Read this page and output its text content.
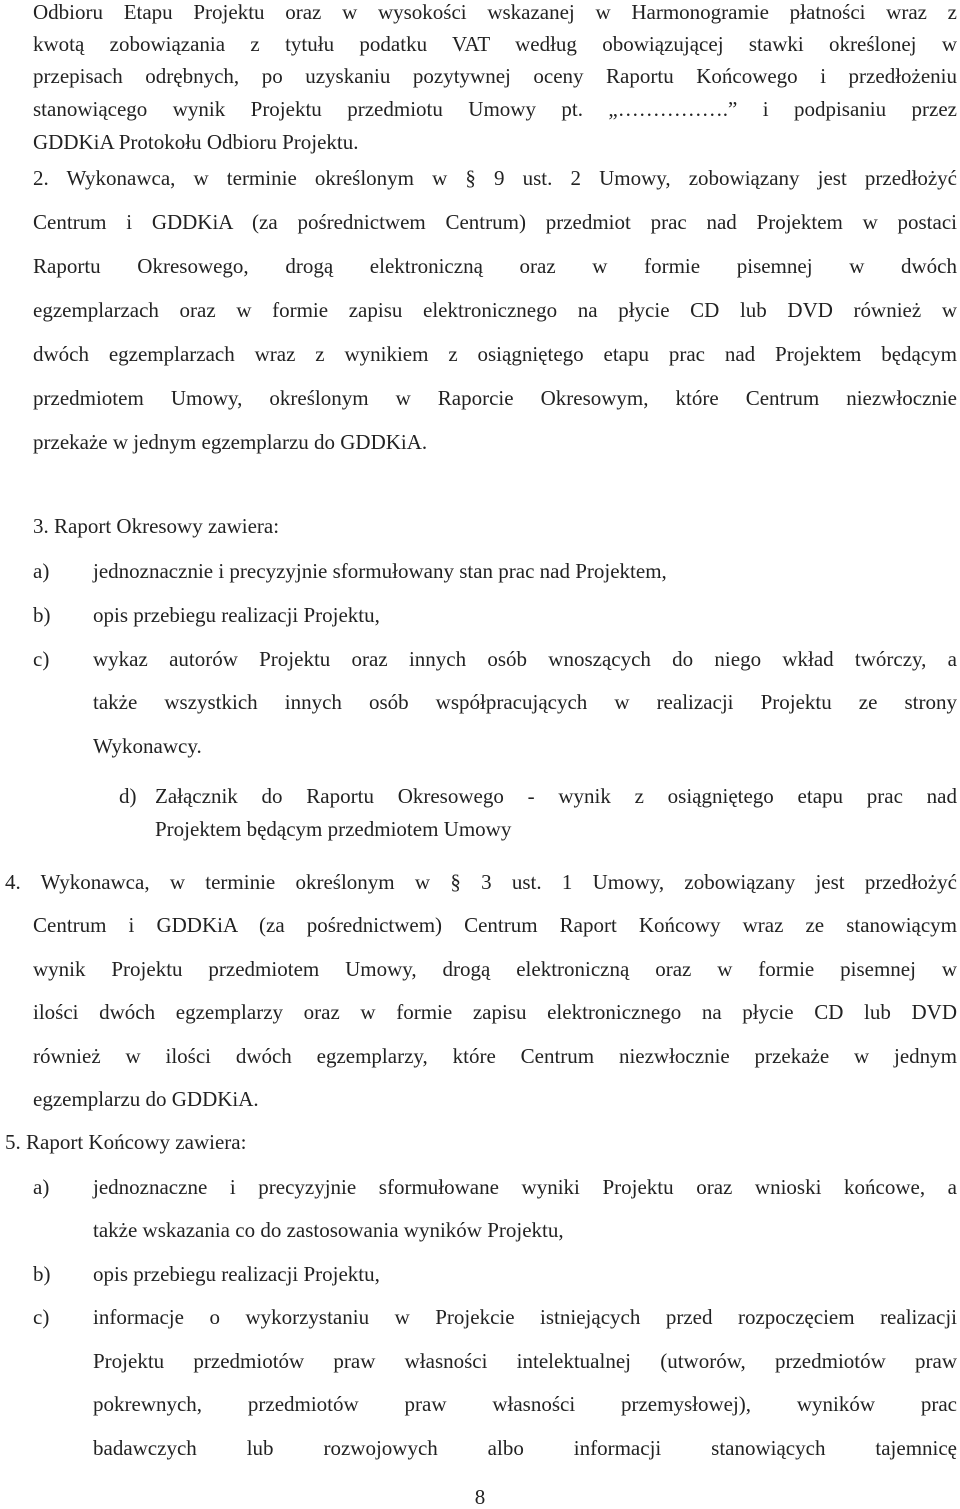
Odbioru Etapu Projektu oraz w wysokości wskazanej w Harmonogramie płatności wraz z
kwotą zobowiązania z tytułu podatku VAT według obowiązującej stawki określonej w
przepisach odrębnych, po uzyskaniu pozytywnej oceny Raportu Końcowego i przedłożeniu
stanowiącego wynik Projektu przedmiotu Umowy pt. „…………….” i podpisaniu przez
GDDKiA Protokołu Odbioru Projektu.
2. Wykonawca, w terminie określonym w § 9 ust. 2 Umowy, zobowiązany jest przedłożyć
Centrum i GDDKiA (za pośrednictwem Centrum) przedmiot prac nad Projektem w postaci
Raportu Okresowego, drogą elektroniczną oraz w formie pisemnej w dwóch
egzemplarzach oraz w formie zapisu elektronicznego na płycie CD lub DVD również w
dwóch egzemplarzach wraz z wynikiem z osiągniętego etapu prac nad Projektem będącym
przedmiotem Umowy, określonym w Raporcie Okresowym, które Centrum niezwłocznie
przekaże w jednym egzemplarzu do GDDKiA.
3. Raport Okresowy zawiera:
a)	jednoznacznie i precyzyjnie sformułowany stan prac nad Projektem,
b)	opis przebiegu realizacji Projektu,
c)	wykaz autorów Projektu oraz innych osób wnoszących do niego wkład twórczy, a
także wszystkich innych osób współpracujących w realizacji Projektu ze strony
Wykonawcy.
d) Załącznik do Raportu Okresowego - wynik z osiągniętego etapu prac nad
Projektem będącym przedmiotem Umowy
4. Wykonawca, w terminie określonym w § 3 ust. 1 Umowy, zobowiązany jest przedłożyć
Centrum i GDDKiA (za pośrednictwem) Centrum Raport Końcowy wraz ze stanowiącym
wynik Projektu przedmiotem Umowy, drogą elektroniczną oraz w formie pisemnej w
ilości dwóch egzemplarzy oraz w formie zapisu elektronicznego na płycie CD lub DVD
również w ilości dwóch egzemplarzy, które Centrum niezwłocznie przekaże w jednym
egzemplarzu do GDDKiA.
5. Raport Końcowy zawiera:
a)	jednoznaczne i precyzyjnie sformułowane wyniki Projektu oraz wnioski końcowe, a
także wskazania co do zastosowania wyników Projektu,
b)	opis przebiegu realizacji Projektu,
c)	informacje o wykorzystaniu w Projekcie istniejących przed rozpoczęciem realizacji
Projektu przedmiotów praw własności intelektualnej (utworów, przedmiotów praw
pokrewnych, przedmiotów praw własności przemysłowej), wyników prac
badawczych lub rozwojowych albo informacji stanowiących tajemnicę
8
